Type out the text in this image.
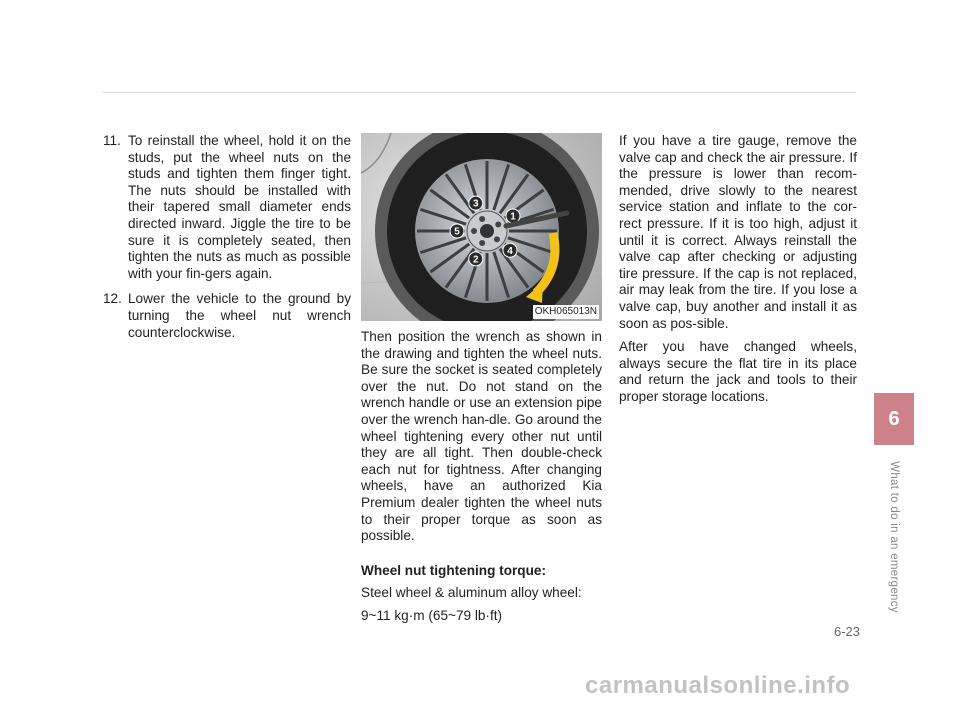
11. To reinstall the wheel, hold it on the studs, put the wheel nuts on the studs and tighten them finger tight. The nuts should be installed with their tapered small diameter ends directed inward. Jiggle the tire to be sure it is completely seated, then tighten the nuts as much as possible with your fin-gers again.
12. Lower the vehicle to the ground by turning the wheel nut wrench counterclockwise.
1
2
3
4
5
OKH065013N

Then position the wrench as shown in the drawing and tighten the wheel nuts. Be sure the socket is seated completely over the nut. Do not stand on the wrench handle or use an extension pipe over the wrench han-dle. Go around the wheel tightening every other nut until they are all tight. Then double-check each nut for tightness. After changing wheels, have an authorized Kia Premium dealer tighten the wheel nuts to their proper torque as soon as possible.

Wheel nut tightening torque:

Steel wheel & aluminum alloy wheel:

9~11 kg·m (65~79 lb·ft)

If you have a tire gauge, remove the valve cap and check the air pressure. If the pressure is lower than recom-mended, drive slowly to the nearest service station and inflate to the cor-rect pressure. If it is too high, adjust it until it is correct. Always reinstall the valve cap after checking or adjusting tire pressure. If the cap is not replaced, air may leak from the tire. If you lose a valve cap, buy another and install it as soon as pos-sible.

After you have changed wheels, always secure the flat tire in its place and return the jack and tools to their proper storage locations.

6
What to do in an emergency
6-23
carmanualsonline.info
